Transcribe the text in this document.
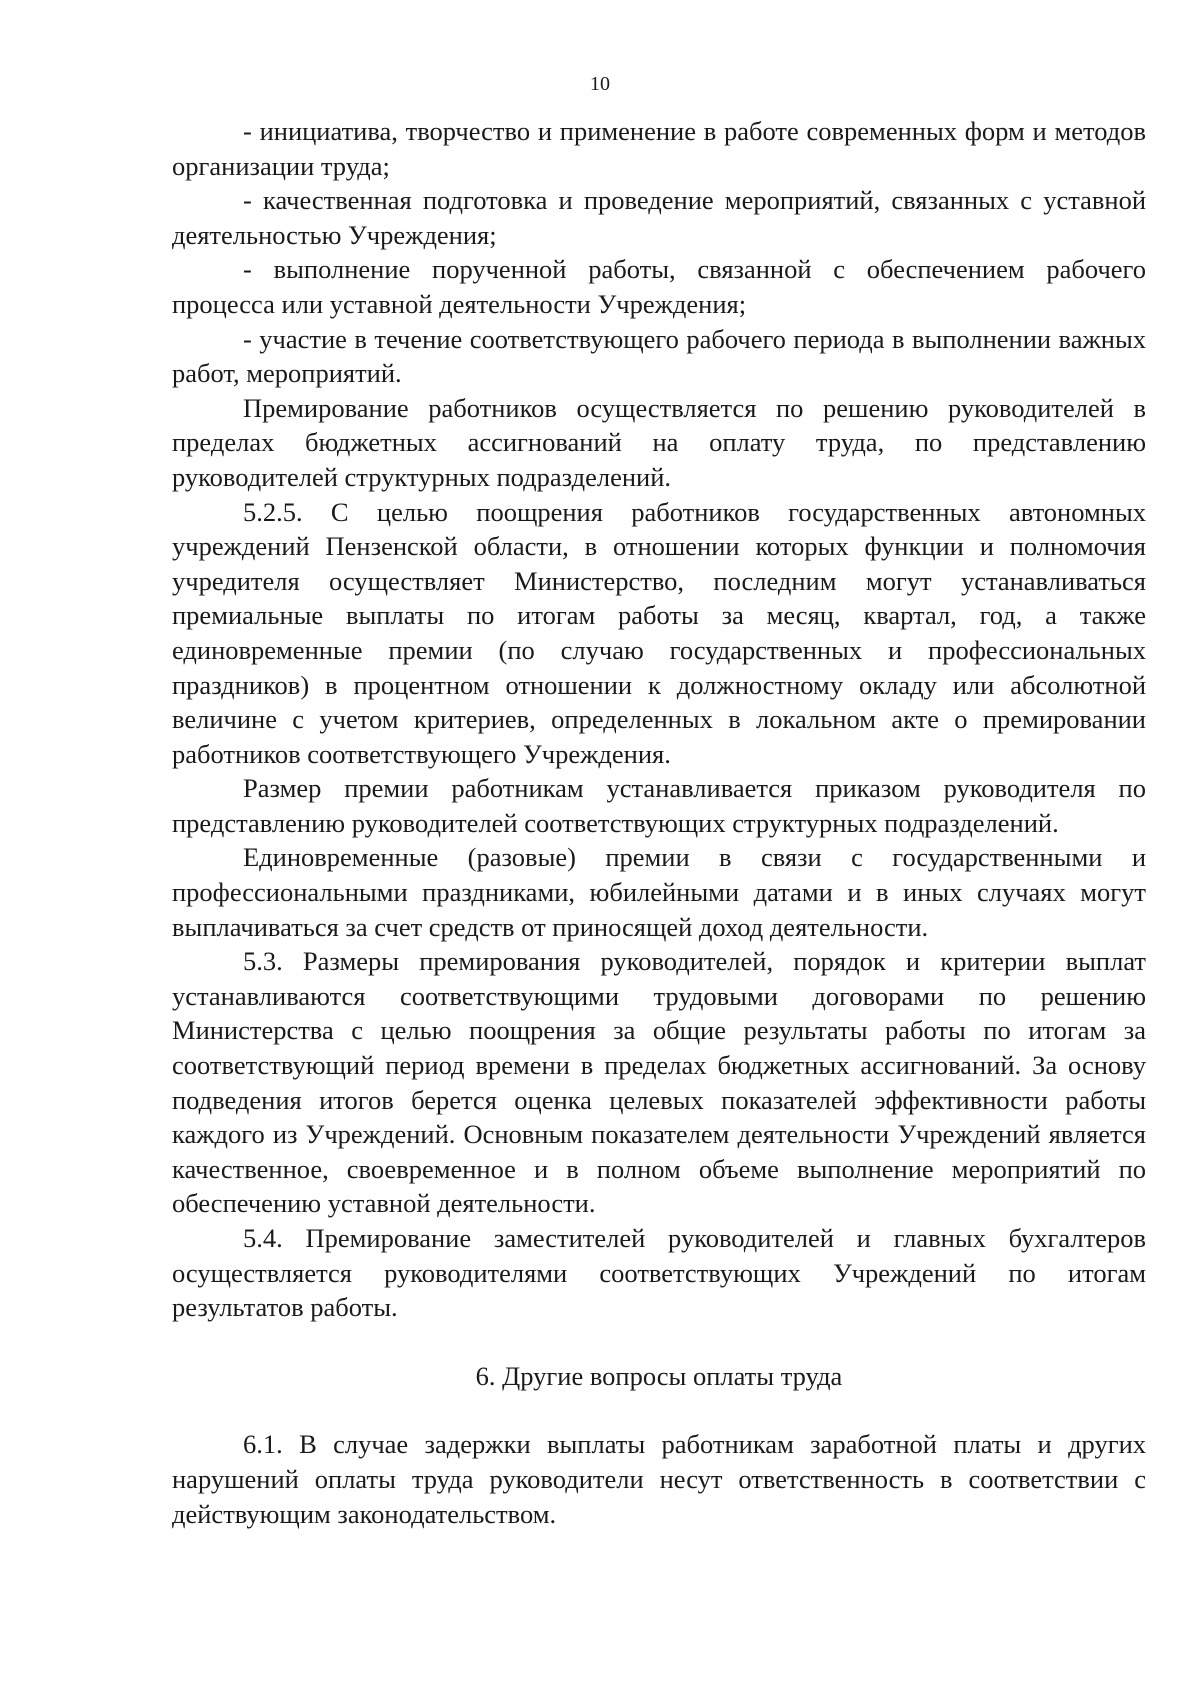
10

- инициатива, творчество и применение в работе современных форм и методов организации труда;

- качественная подготовка и проведение мероприятий, связанных с уставной деятельностью Учреждения;

- выполнение порученной работы, связанной с обеспечением рабочего процесса или уставной деятельности Учреждения;

- участие в течение соответствующего рабочего периода в выполнении важных работ, мероприятий.

Премирование работников осуществляется по решению руководителей в пределах бюджетных ассигнований на оплату труда, по представлению руководителей структурных подразделений.

5.2.5. С целью поощрения работников государственных автономных учреждений Пензенской области, в отношении которых функции и полномочия учредителя осуществляет Министерство, последним могут устанавливаться премиальные выплаты по итогам работы за месяц, квартал, год, а также единовременные премии (по случаю государственных и профессиональных праздников) в процентном отношении к должностному окладу или абсолютной величине с учетом критериев, определенных в локальном акте о премировании работников соответствующего Учреждения.

Размер премии работникам устанавливается приказом руководителя по представлению руководителей соответствующих структурных подразделений.

Единовременные (разовые) премии в связи с государственными и профессиональными праздниками, юбилейными датами и в иных случаях могут выплачиваться за счет средств от приносящей доход деятельности.

5.3. Размеры премирования руководителей, порядок и критерии выплат устанавливаются соответствующими трудовыми договорами по решению Министерства с целью поощрения за общие результаты работы по итогам за соответствующий период времени в пределах бюджетных ассигнований. За основу подведения итогов берется оценка целевых показателей эффективности работы каждого из Учреждений. Основным показателем деятельности Учреждений является качественное, своевременное и в полном объеме выполнение мероприятий по обеспечению уставной деятельности.

5.4. Премирование заместителей руководителей и главных бухгалтеров осуществляется руководителями соответствующих Учреждений по итогам результатов работы.

6. Другие вопросы оплаты труда

6.1. В случае задержки выплаты работникам заработной платы и других нарушений оплаты труда руководители несут ответственность в соответствии с действующим законодательством.
